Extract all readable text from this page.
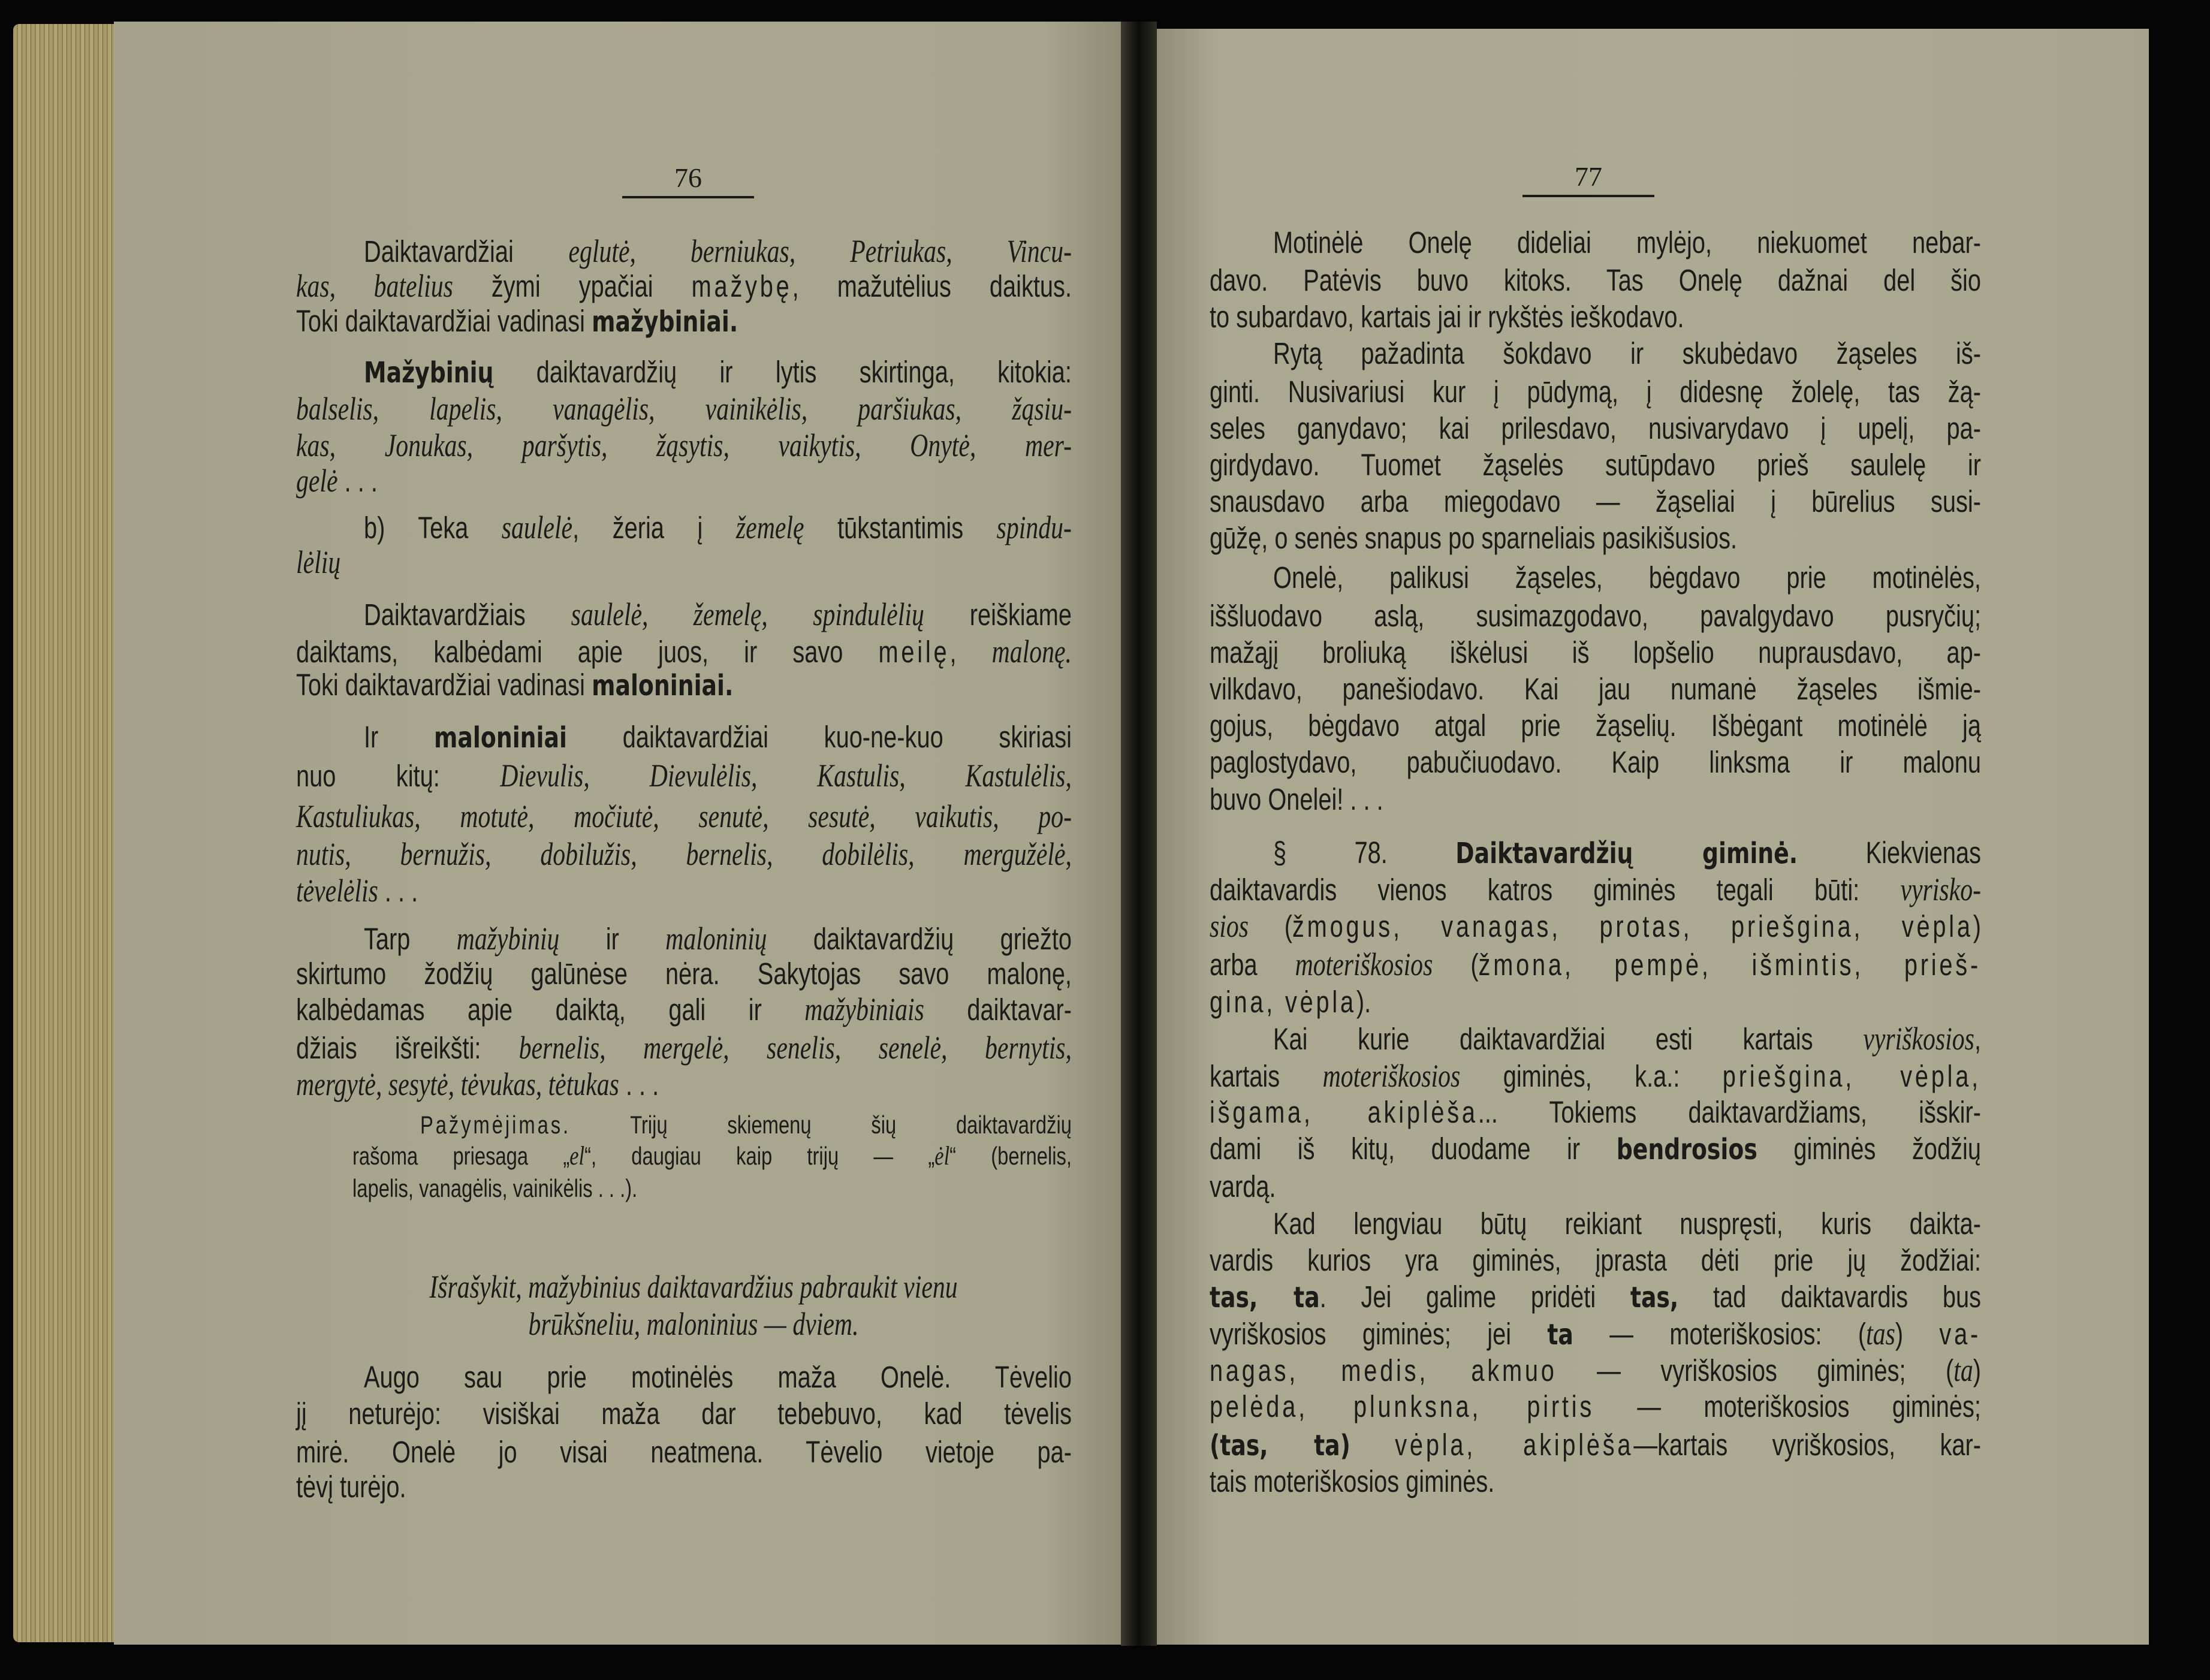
76	77
Daiktavardžiai eglutė, berniukas, Petriukas, Vincu-
kas, batelius žymi ypačiai mažybę, mažutėlius daiktus.
Toki daiktavardžiai vadinasi mažybiniai.
Mažybinių daiktavardžių ir lytis skirtinga, kitokia:
balselis, lapelis, vanagėlis, vainikėlis, paršiukas, žąsiu-
kas, Jonukas, paršytis, žąsytis, vaikytis, Onytė, mer-
gelė . . .
b) Teka saulelė, žeria į žemelę tūkstantimis spindu-
lėlių
Daiktavardžiais saulelė, žemelę, spindulėlių reiškiame
daiktams, kalbėdami apie juos, ir savo meilę, malonę.
Toki daiktavardžiai vadinasi maloniniai.
Ir maloniniai daiktavardžiai kuo-ne-kuo skiriasi
nuo kitų: Dievulis, Dievulėlis, Kastulis, Kastulėlis,
Kastuliukas, motutė, močiutė, senutė, sesutė, vaikutis, po-
nutis, bernužis, dobilužis, bernelis, dobilėlis, mergužėlė,
tėvelėlis . . .
Tarp mažybinių ir maloninių daiktavardžių griežto
skirtumo žodžių galūnėse nėra. Sakytojas savo malonę,
kalbėdamas apie daiktą, gali ir mažybiniais daiktavar-
džiais išreikšti: bernelis, mergelė, senelis, senelė, bernytis,
mergytė, sesytė, tėvukas, tėtukas . . .
Pažymėjimas. Trijų skiemenų šių daiktavardžių
rašoma priesaga „el“, daugiau kaip trijų — „ėl“ (bernelis,
lapelis, vanagėlis, vainikėlis . . .).
Išrašykit, mažybinius daiktavardžius pabraukit vienu
brūkšneliu, maloninius — dviem.
Augo sau prie motinėlės maža Onelė. Tėvelio
jį neturėjo: visiškai maža dar tebebuvo, kad tėvelis
mirė. Onelė jo visai neatmena. Tėvelio vietoje pa-
tėvį turėjo.
Motinėlė Onelę dideliai mylėjo, niekuomet nebar-
davo. Patėvis buvo kitoks. Tas Onelę dažnai del šio
to subardavo, kartais jai ir rykštės ieškodavo.
Rytą pažadinta šokdavo ir skubėdavo žąseles iš-
ginti. Nusivariusi kur į pūdymą, į didesnę žolelę, tas žą-
seles ganydavo; kai prilesdavo, nusivarydavo į upelį, pa-
girdydavo. Tuomet žąselės sutūpdavo prieš saulelę ir
snausdavo arba miegodavo — žąseliai į būrelius susi-
gūžę, o senės snapus po sparneliais pasikišusios.
Onelė, palikusi žąseles, bėgdavo prie motinėlės,
iššluodavo aslą, susimazgodavo, pavalgydavo pusryčių;
mažąjį broliuką iškėlusi iš lopšelio nuprausdavo, ap-
vilkdavo, panešiodavo. Kai jau numanė žąseles išmie-
gojus, bėgdavo atgal prie žąselių. Išbėgant motinėlė ją
paglostydavo, pabučiuodavo. Kaip linksma ir malonu
buvo Onelei! . . .
§ 78. Daiktavardžių giminė. Kiekvienas
daiktavardis vienos katros giminės tegali būti: vyrisko-
sios (žmogus, vanagas, protas, priešgina, vėpla)
arba moteriškosios (žmona, pempė, išmintis, prieš-
gina, vėpla).
Kai kurie daiktavardžiai esti kartais vyriškosios,
kartais moteriškosios giminės, k.a.: priešgina, vėpla,
išgama, akiplėša... Tokiems daiktavardžiams, išskir-
dami iš kitų, duodame ir bendrosios giminės žodžių
vardą.
Kad lengviau būtų reikiant nuspręsti, kuris daikta-
vardis kurios yra giminės, įprasta dėti prie jų žodžiai:
tas, ta. Jei galime pridėti tas, tad daiktavardis bus
vyriškosios giminės; jei ta — moteriškosios: (tas) va-
nagas, medis, akmuo — vyriškosios giminės; (ta)
pelėda, plunksna, pirtis — moteriškosios giminės;
(tas, ta) vėpla, akiplėša—kartais vyriškosios, kar-
tais moteriškosios giminės.
